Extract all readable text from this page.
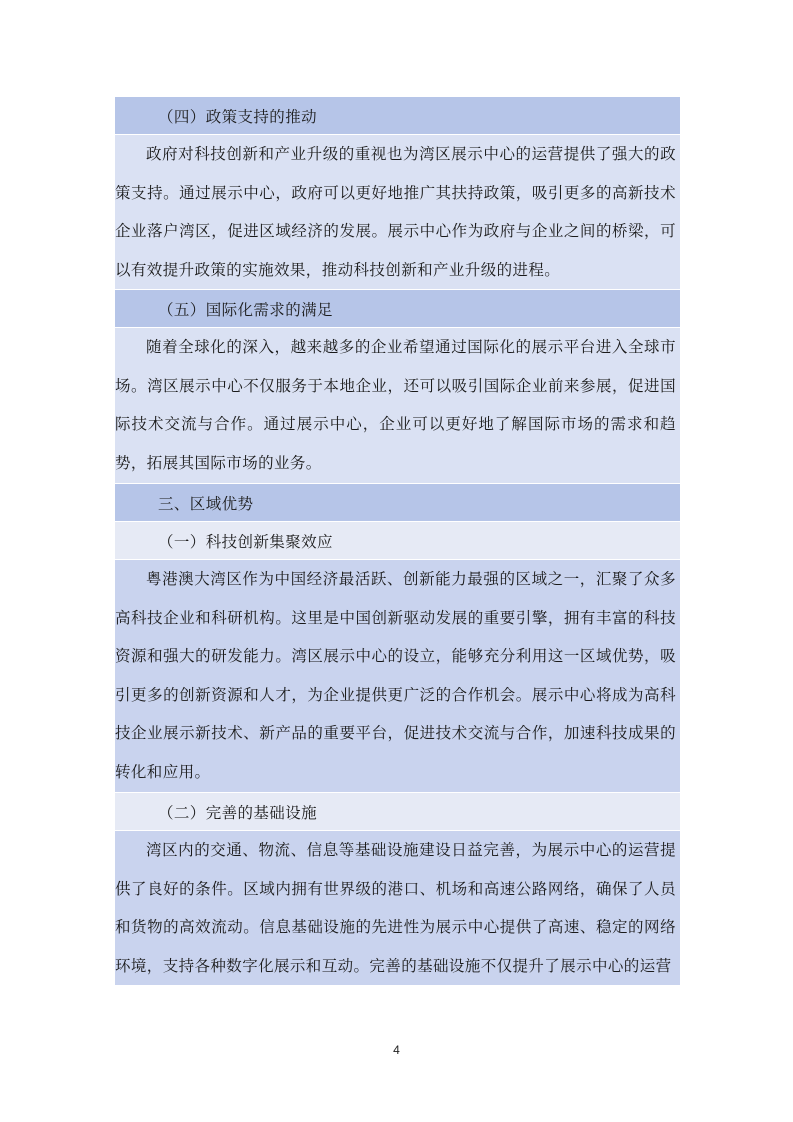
（四）政策支持的推动

政府对科技创新和产业升级的重视也为湾区展示中心的运营提供了强大的政策支持。通过展示中心，政府可以更好地推广其扶持政策，吸引更多的高新技术企业落户湾区，促进区域经济的发展。展示中心作为政府与企业之间的桥梁，可以有效提升政策的实施效果，推动科技创新和产业升级的进程。

（五）国际化需求的满足

随着全球化的深入，越来越多的企业希望通过国际化的展示平台进入全球市场。湾区展示中心不仅服务于本地企业，还可以吸引国际企业前来参展，促进国际技术交流与合作。通过展示中心，企业可以更好地了解国际市场的需求和趋势，拓展其国际市场的业务。

三、区域优势
（一）科技创新集聚效应

粤港澳大湾区作为中国经济最活跃、创新能力最强的区域之一，汇聚了众多高科技企业和科研机构。这里是中国创新驱动发展的重要引擎，拥有丰富的科技资源和强大的研发能力。湾区展示中心的设立，能够充分利用这一区域优势，吸引更多的创新资源和人才，为企业提供更广泛的合作机会。展示中心将成为高科技企业展示新技术、新产品的重要平台，促进技术交流与合作，加速科技成果的转化和应用。

（二）完善的基础设施

湾区内的交通、物流、信息等基础设施建设日益完善，为展示中心的运营提供了良好的条件。区域内拥有世界级的港口、机场和高速公路网络，确保了人员和货物的高效流动。信息基础设施的先进性为展示中心提供了高速、稳定的网络环境，支持各种数字化展示和互动。完善的基础设施不仅提升了展示中心的运营

4
